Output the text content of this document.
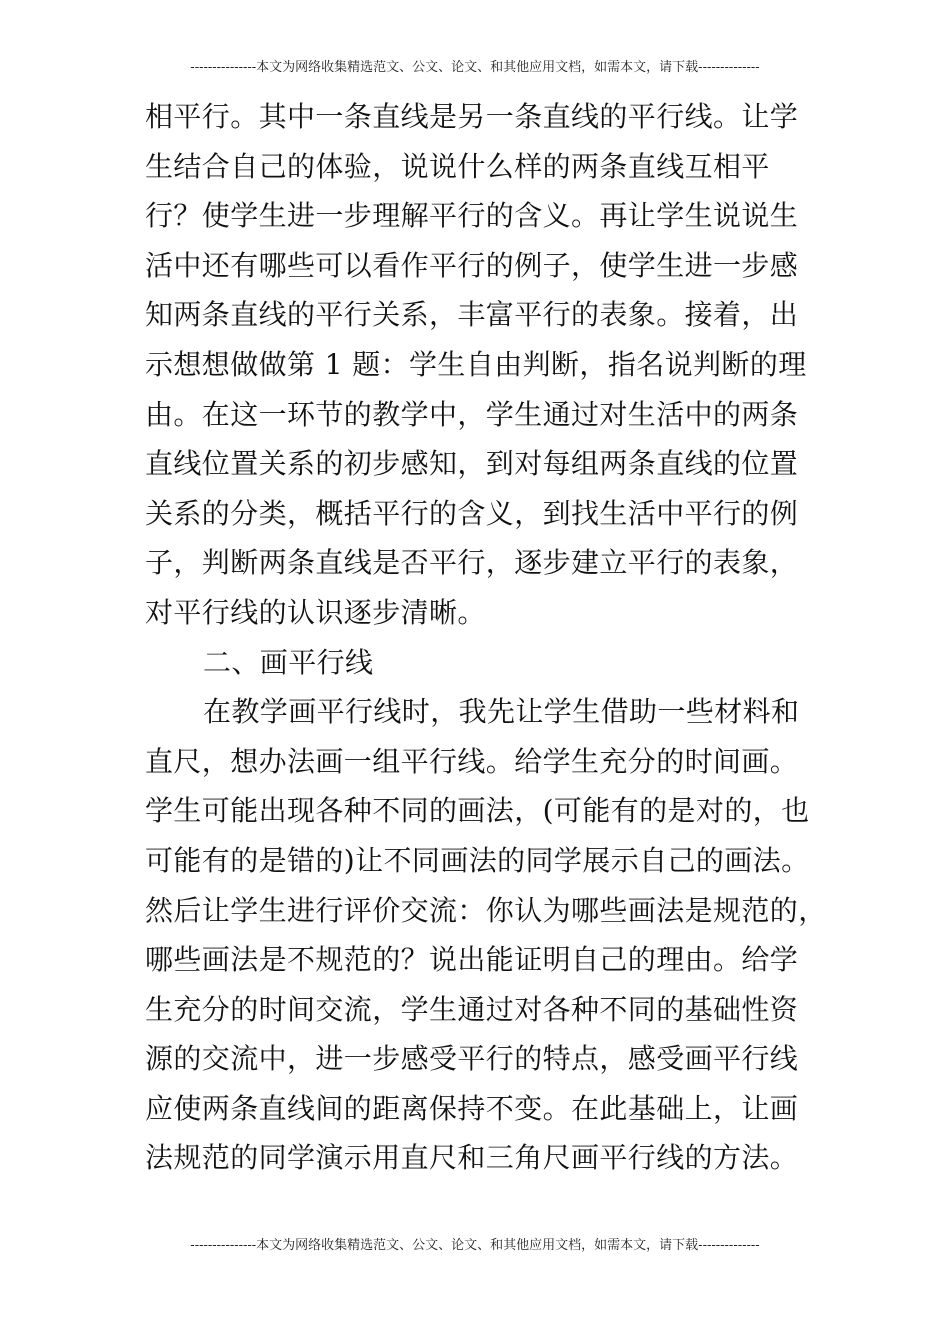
---------------本文为网络收集精选范文、公文、论文、和其他应用文档，如需本文，请下载--------------
相平行。其中一条直线是另一条直线的平行线。让学
生结合自己的体验，说说什么样的两条直线互相平
行？使学生进一步理解平行的含义。再让学生说说生
活中还有哪些可以看作平行的例子，使学生进一步感
知两条直线的平行关系，丰富平行的表象。接着，出
示想想做做第 1 题：学生自由判断，指名说判断的理
由。在这一环节的教学中，学生通过对生活中的两条
直线位置关系的初步感知，到对每组两条直线的位置
关系的分类，概括平行的含义，到找生活中平行的例
子，判断两条直线是否平行，逐步建立平行的表象，
对平行线的认识逐步清晰。
二、画平行线
在教学画平行线时，我先让学生借助一些材料和
直尺，想办法画一组平行线。给学生充分的时间画。
学生可能出现各种不同的画法，(可能有的是对的，也
可能有的是错的)让不同画法的同学展示自己的画法。
然后让学生进行评价交流：你认为哪些画法是规范的，
哪些画法是不规范的？说出能证明自己的理由。给学
生充分的时间交流，学生通过对各种不同的基础性资
源的交流中，进一步感受平行的特点，感受画平行线
应使两条直线间的距离保持不变。在此基础上，让画
法规范的同学演示用直尺和三角尺画平行线的方法。
---------------本文为网络收集精选范文、公文、论文、和其他应用文档，如需本文，请下载--------------
